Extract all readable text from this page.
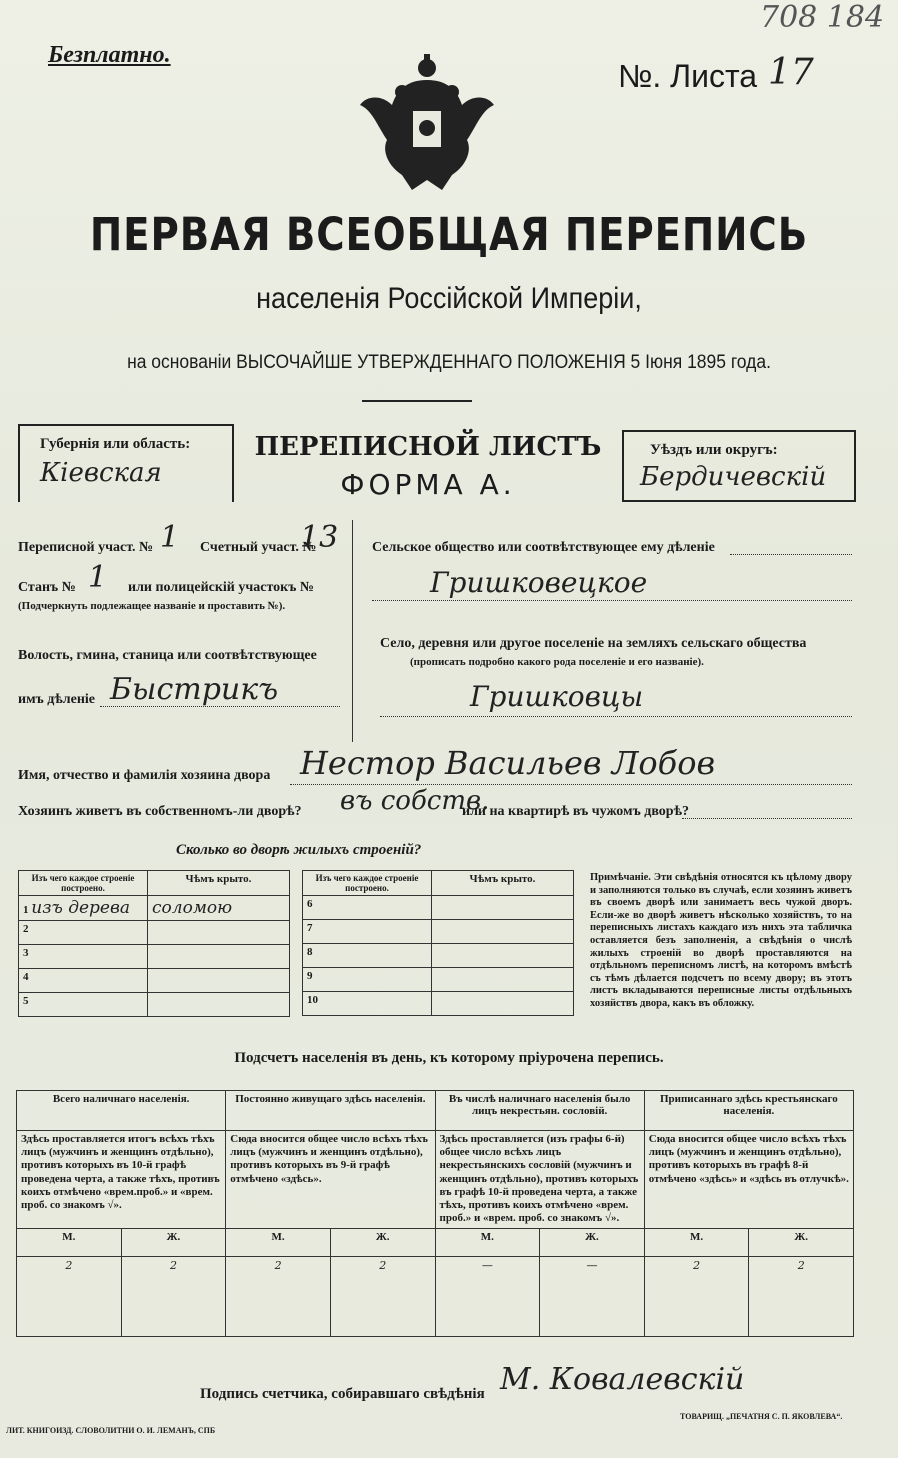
Безплатно.
708 184
№. Листа 17
ПЕРВАЯ ВСЕОБЩАЯ ПЕРЕПИСЬ
населенія Россійской Имперіи,
на основаніи ВЫСОЧАЙШЕ УТВЕРЖДЕННАГО ПОЛОЖЕНІЯ 5 Іюня 1895 года.
Губернія или область:
Кіевская
ПЕРЕПИСНОЙ ЛИСТЪ
ФОРМА А.
Уѣздъ или округъ:
Бердичевскій
Переписной участ. № 1 Счетный участ. №
13
Станъ № 1 или полицейскій участокъ №
(Подчеркнуть подлежащее названіе и проставить №).
Волость, гмина, станица или соотвѣтствующее
имъ дѣленіе Быстрикъ
Сельское общество или соотвѣтствующее ему дѣленіе
Гришковецкое
Село, деревня или другое поселеніе на земляхъ сельскаго общества
(прописать подробно какого рода поселеніе и его названіе).
Гришковцы
Имя, отчество и фамилія хозяина двора Нестор Васильев Лобов
Хозяинъ живетъ въ собственномъ-ли дворѣ? въ собств.
или на квартирѣ въ чужомъ дворѣ?
Сколько во дворѣ жилыхъ строеній?
Изъ чего каждое строеніе построено.	Чѣмъ крыто.
1 изъ дерева	соломою
2	
3	
4	
5	
Изъ чего каждое строеніе построено.	Чѣмъ крыто.
6	
7	
8	
9	
10	
Примѣчаніе. Эти свѣдѣнія относятся къ цѣлому двору и заполняются только въ случаѣ, если хозяинъ живетъ въ своемъ дворѣ или занимаетъ весь чужой дворъ. Если-же во дворѣ живетъ нѣсколько хозяйствъ, то на переписныхъ листахъ каждаго изъ нихъ эта табличка оставляется безъ заполненія, а свѣдѣнія о числѣ жилыхъ строеній во дворѣ проставляются на отдѣльномъ переписномъ листѣ, на которомъ вмѣстѣ съ тѣмъ дѣлается подсчетъ по всему двору; въ этотъ листъ вкладываются переписные листы отдѣльныхъ хозяйствъ двора, какъ въ обложку.
Подсчетъ населенія въ день, къ которому пріурочена перепись.
Всего наличнаго населенія.		Постоянно живущаго здѣсь населенія.		Въ числѣ наличнаго населенія было лицъ некрестьян. сословій.		Приписаннаго здѣсь крестьянскаго населенія.	
Здѣсь проставляется итогъ всѣхъ тѣхъ лицъ (мужчинъ и женщинъ отдѣльно), противъ которыхъ въ 10-й графѣ проведена черта, а также тѣхъ, противъ коихъ отмѣчено «врем.проб.» и «врем. проб. со знакомъ √».		Сюда вносится общее число всѣхъ тѣхъ лицъ (мужчинъ и женщинъ отдѣльно), противъ которыхъ въ 9-й графѣ отмѣчено «здѣсь».		Здѣсь проставляется (изъ графы 6-й) общее число всѣхъ лицъ некрестьянскихъ сословій (мужчинъ и женщинъ отдѣльно), противъ которыхъ въ графѣ 10-й проведена черта, а также тѣхъ, противъ коихъ отмѣчено «врем. проб.» и «врем. проб. со знакомъ √».		Сюда вносится общее число всѣхъ тѣхъ лицъ (мужчинъ и женщинъ отдѣльно), противъ которыхъ въ графѣ 8-й отмѣчено «здѣсь» и «здѣсь въ отлучкѣ».	
М.	Ж.	М.	Ж.	М.	Ж.	М.	Ж.
2	2	2	2	—	—	2	2
Подпись счетчика, собиравшаго свѣдѣнія М. Ковалевскій
ЛИТ. КНИГОИЗД. СЛОВОЛИТНИ О. И. ЛЕМАНЪ, СПБ
ТОВАРИЩ. „ПЕЧАТНЯ С. П. ЯКОВЛЕВА“.
